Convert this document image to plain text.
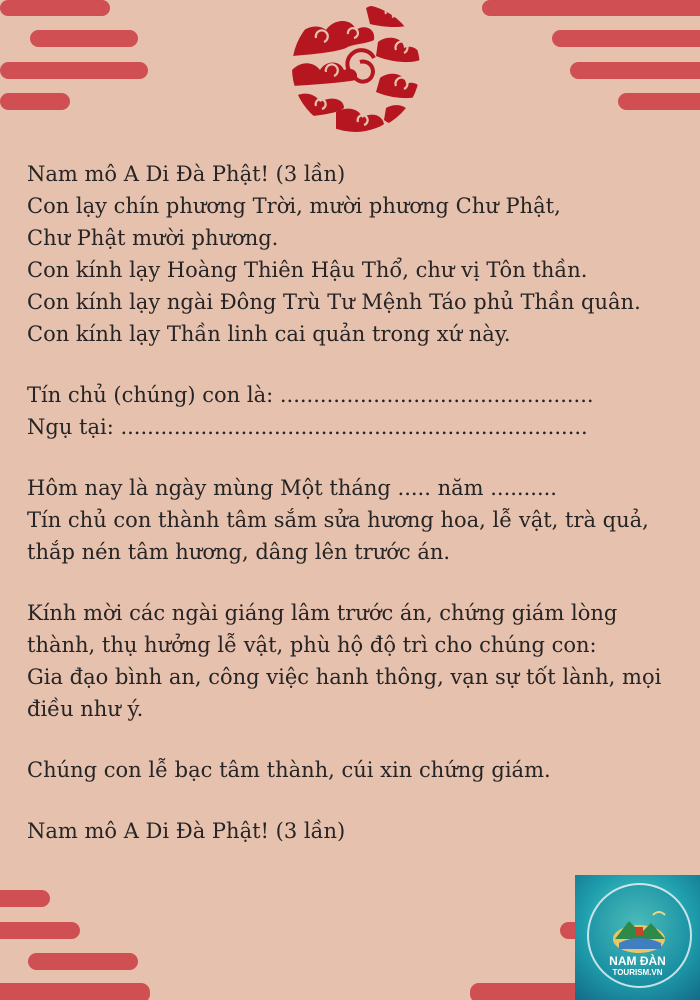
Nam mô A Di Đà Phật! (3 lần)
Con lạy chín phương Trời, mười phương Chư Phật,
Chư Phật mười phương.
Con kính lạy Hoàng Thiên Hậu Thổ, chư vị Tôn thần.
Con kính lạy ngài Đông Trù Tư Mệnh Táo phủ Thần quân.
Con kính lạy Thần linh cai quản trong xứ này.
Tín chủ (chúng) con là: ...............................................
Ngụ tại: ......................................................................
Hôm nay là ngày mùng Một tháng ..... năm ..........
Tín chủ con thành tâm sắm sửa hương hoa, lễ vật, trà quả,
thắp nén tâm hương, dâng lên trước án.
Kính mời các ngài giáng lâm trước án, chứng giám lòng
thành, thụ hưởng lễ vật, phù hộ độ trì cho chúng con:
Gia đạo bình an, công việc hanh thông, vạn sự tốt lành, mọi
điều như ý.
Chúng con lễ bạc tâm thành, cúi xin chứng giám.
Nam mô A Di Đà Phật! (3 lần)
NAM ĐÀN
TOURISM.VN
